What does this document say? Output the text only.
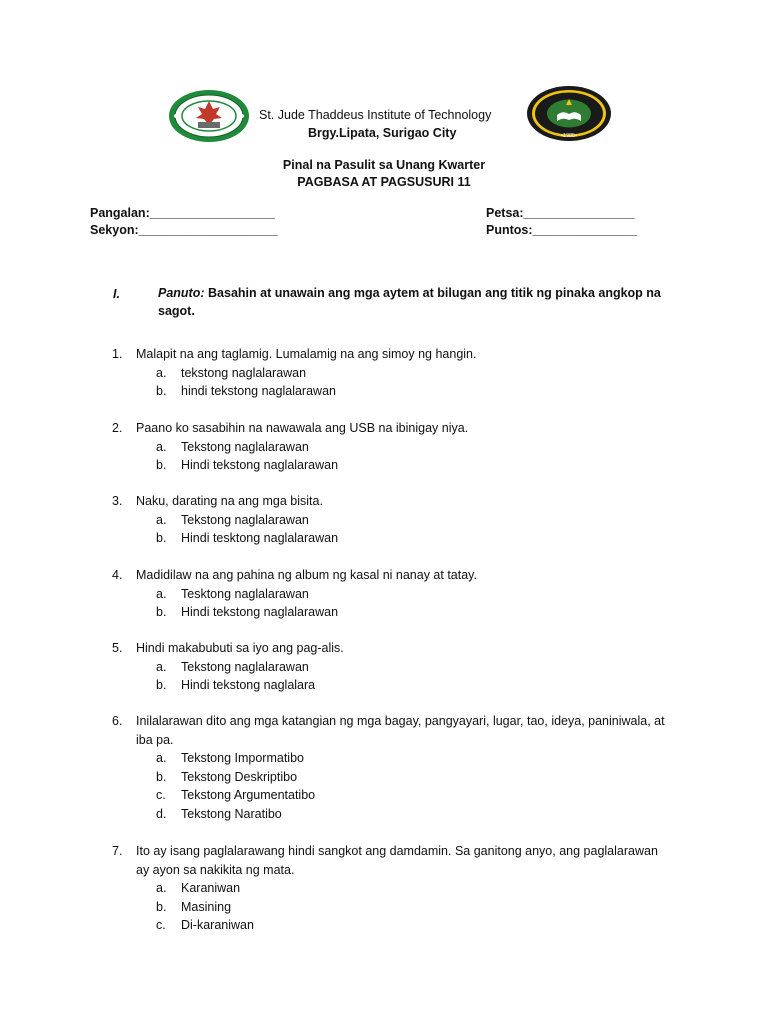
•1985•
St. Jude Thaddeus Institute of Technology
Brgy.Lipata, Surigao City
Pinal na Pasulit sa Unang Kwarter
PAGBASA AT PAGSUSURI 11
Pangalan:__________________
Sekyon:____________________
Petsa:________________
Puntos:_______________
I.	Panuto: Basahin at unawain ang mga aytem at bilugan ang titik ng pinaka angkop na sagot.
1.	Malapit na ang taglamig. Lumalamig na ang simoy ng hangin.
a.	tekstong naglalarawan
b.	hindi tekstong naglalarawan
2.	Paano ko sasabihin na nawawala ang USB na ibinigay niya.
a.	Tekstong naglalarawan
b.	Hindi tekstong naglalarawan
3.	Naku, darating na ang mga bisita.
a.	Tekstong naglalarawan
b.	Hindi tesktong naglalarawan
4.	Madidilaw na ang pahina ng album ng kasal ni nanay at tatay.
a.	Tesktong naglalarawan
b.	Hindi tekstong naglalarawan
5.	Hindi makabubuti sa iyo ang pag-alis.
a.	Tekstong naglalarawan
b.	Hindi tekstong naglalara
6.	Inilalarawan dito ang mga katangian ng mga bagay, pangyayari, lugar, tao, ideya, paniniwala, at iba pa.
a.	Tekstong Impormatibo
b.	Tekstong Deskriptibo
c.	Tekstong Argumentatibo
d.	Tekstong Naratibo
7.	Ito ay isang paglalarawang hindi sangkot ang damdamin. Sa ganitong anyo, ang paglalarawan ay ayon sa nakikita ng mata.
a.	Karaniwan
b.	Masining
c.	Di-karaniwan
